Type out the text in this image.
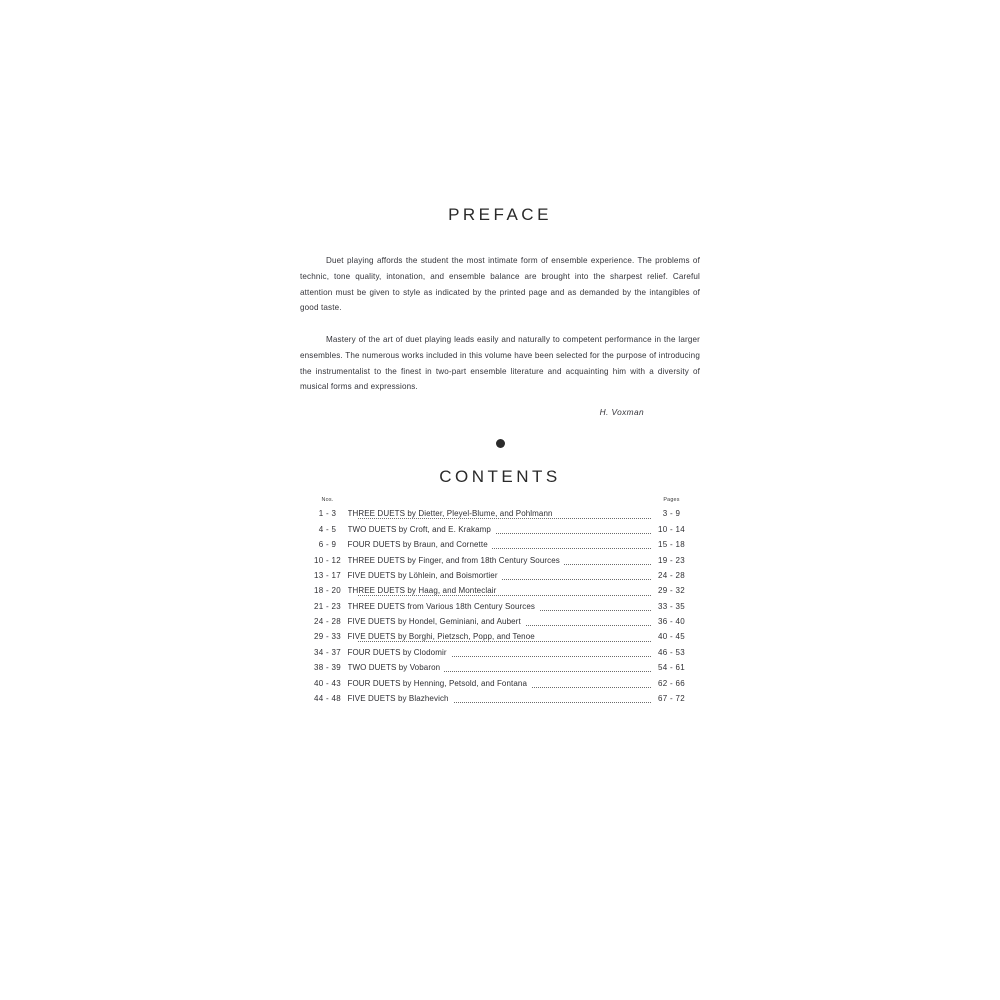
PREFACE

Duet playing affords the student the most intimate form of ensemble experience. The problems of technic, tone quality, intonation, and ensemble balance are brought into the sharpest relief. Careful attention must be given to style as indicated by the printed page and as demanded by the intangibles of good taste.

Mastery of the art of duet playing leads easily and naturally to competent performance in the larger ensembles. The numerous works included in this volume have been selected for the purpose of introducing the instrumentalist to the finest in two-part ensemble literature and acquainting him with a diversity of musical forms and expressions.

H. Voxman
CONTENTS
Nos.		Pages
1 - 3	THREE DUETS by Dietter, Pleyel-Blume, and Pohlmann	3 - 9
4 - 5	TWO DUETS by Croft, and E. Krakamp	10 - 14
6 - 9	FOUR DUETS by Braun, and Cornette	15 - 18
10 - 12	THREE DUETS by Finger, and from 18th Century Sources	19 - 23
13 - 17	FIVE DUETS by Löhlein, and Boismortier	24 - 28
18 - 20	THREE DUETS by Haag, and Monteclair	29 - 32
21 - 23	THREE DUETS from Various 18th Century Sources	33 - 35
24 - 28	FIVE DUETS by Hondel, Geminiani, and Aubert	36 - 40
29 - 33	FIVE DUETS by Borghi, Pietzsch, Popp, and Tenoe	40 - 45
34 - 37	FOUR DUETS by Clodomir	46 - 53
38 - 39	TWO DUETS by Vobaron	54 - 61
40 - 43	FOUR DUETS by Henning, Petsold, and Fontana	62 - 66
44 - 48	FIVE DUETS by Blazhevich	67 - 72
